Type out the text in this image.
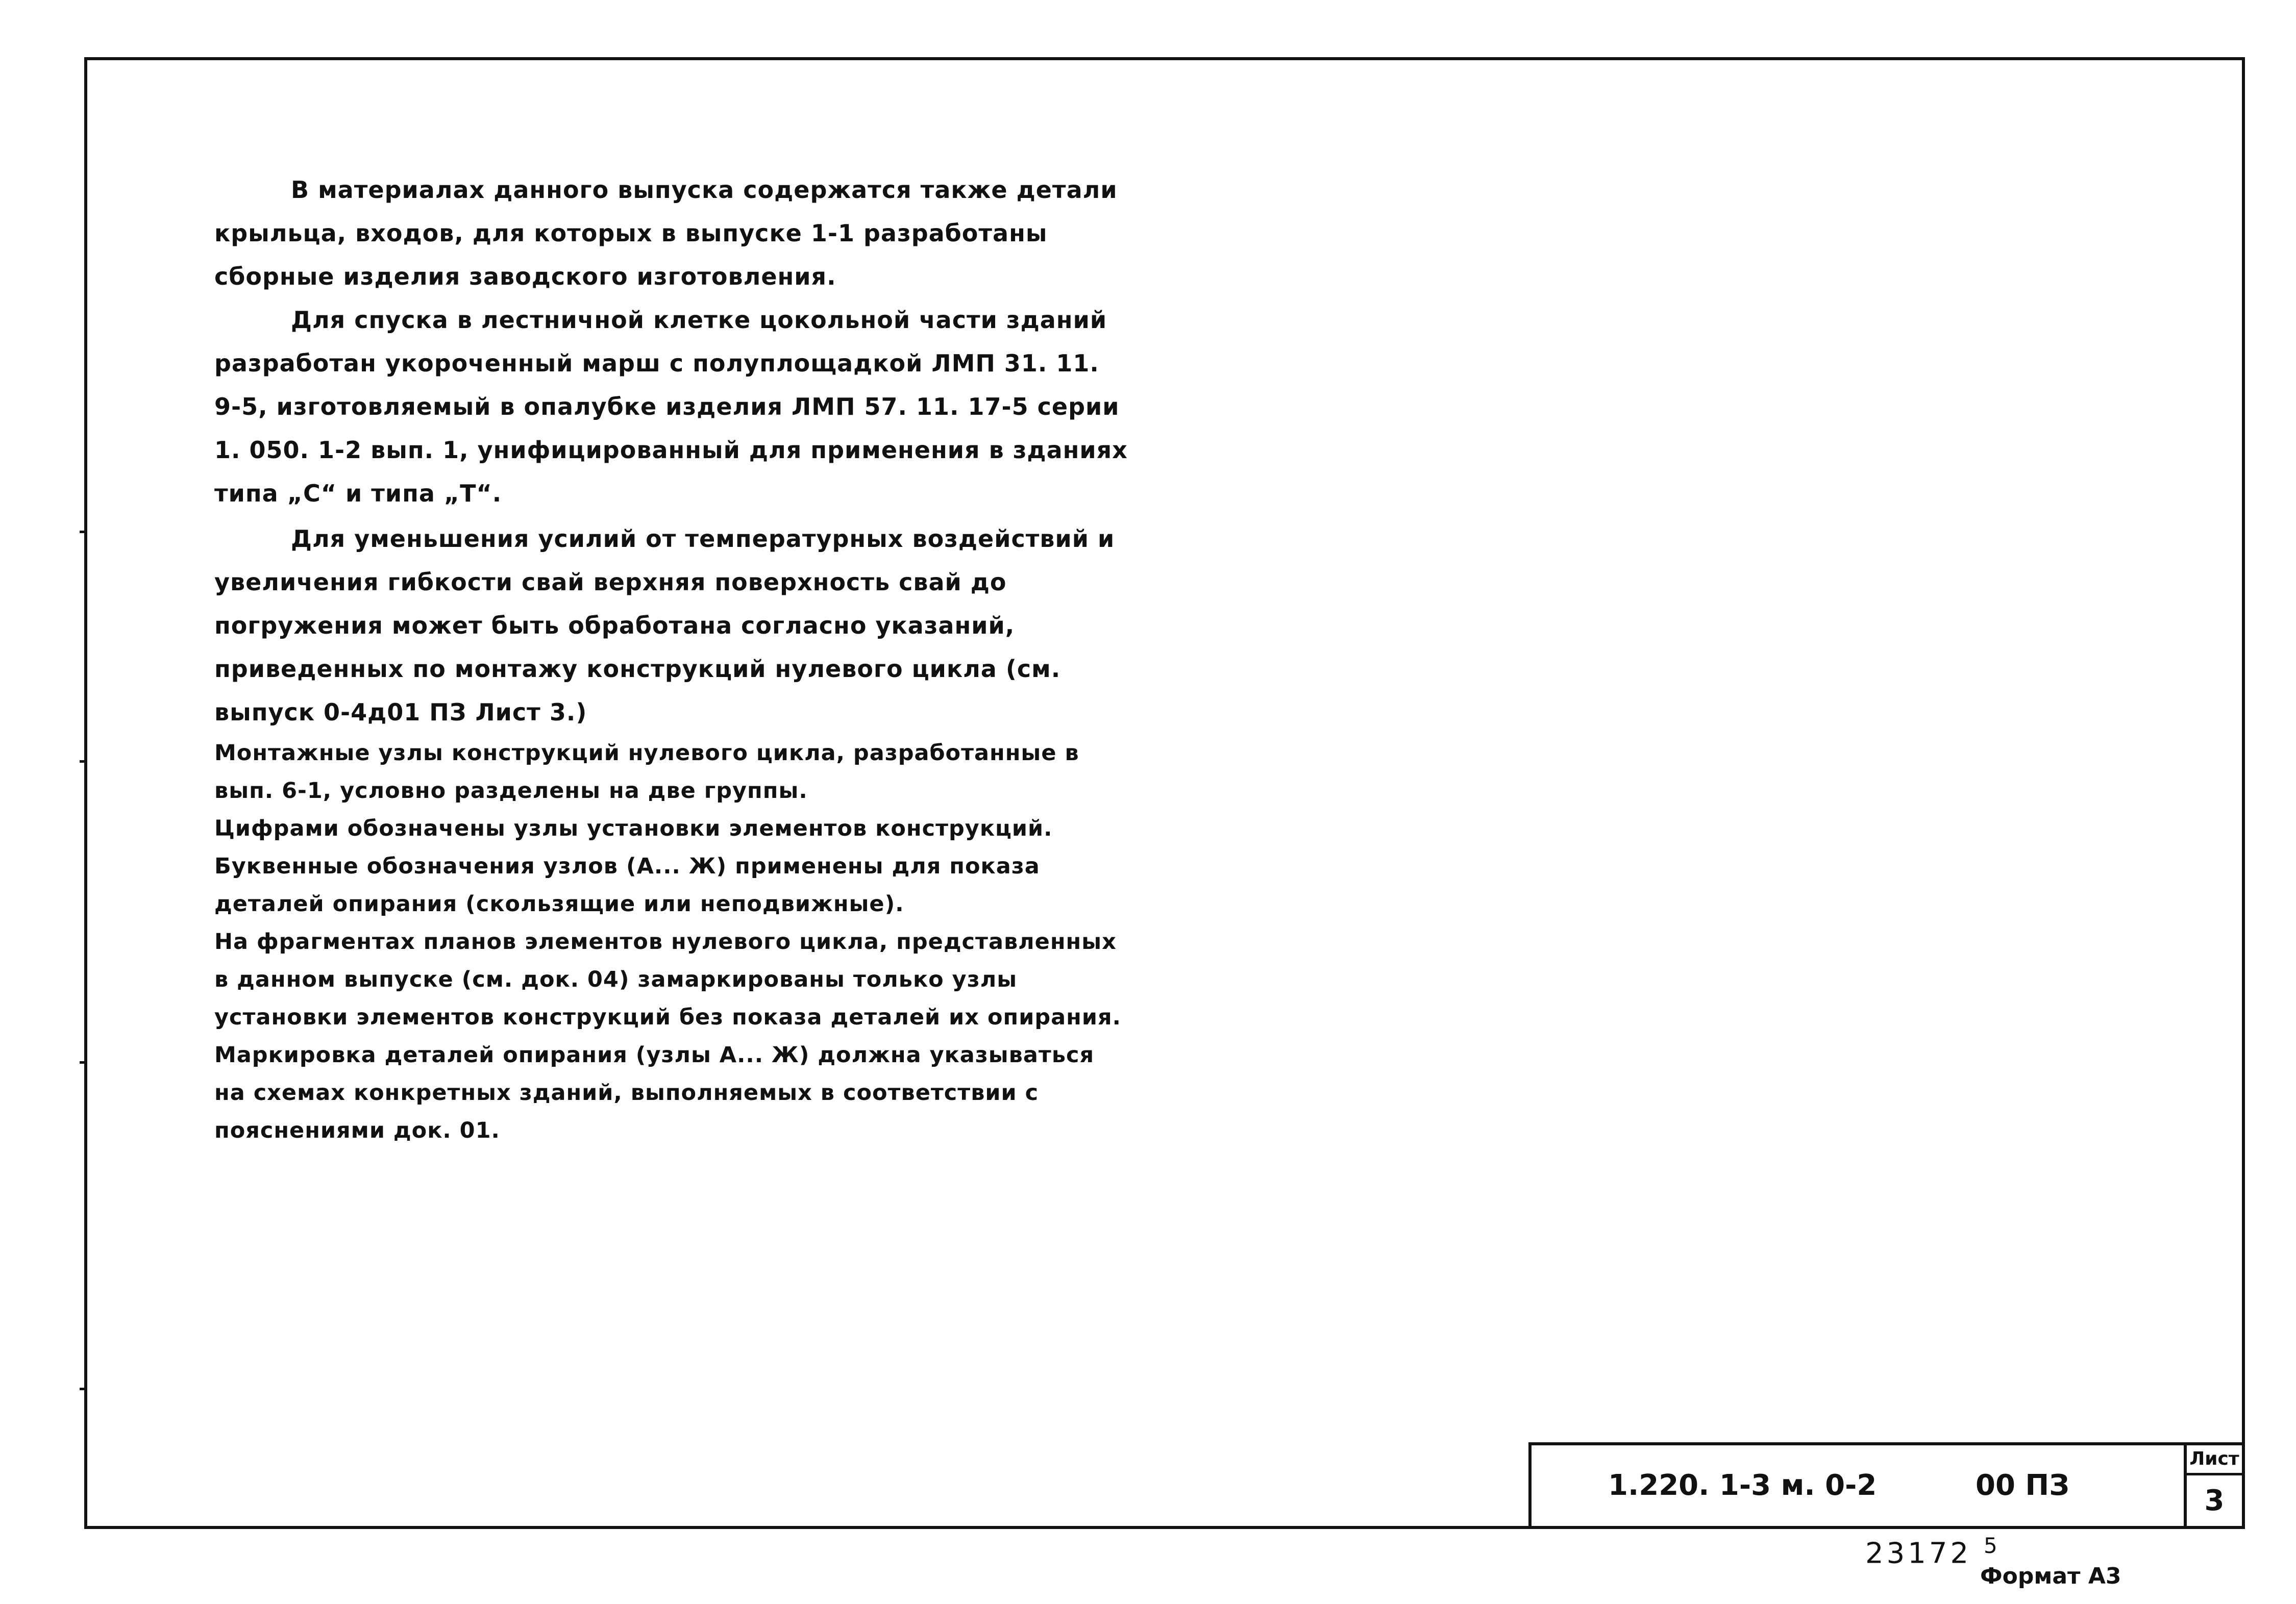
В материалах данного выпуска содержатся также детали крыльца, входов, для которых в выпуске 1-1 разработаны сборные изделия заводского изготовления.

Для спуска в лестничной клетке цокольной части зданий разработан укороченный марш с полуплощадкой ЛМП 31. 11. 9-5, изготовляемый в опалубке изделия ЛМП 57. 11. 17-5 серии 1. 050. 1-2 вып. 1, унифицированный для применения в зданиях типа „С“ и типа „Т“.

Для уменьшения усилий от температурных воздействий и увеличения гибкости свай верхняя поверхность свай до погружения может быть обработана согласно указаний, приведенных по монтажу конструкций нулевого цикла (см. выпуск 0-4д01 ПЗ Лист 3.)

Монтажные узлы конструкций нулевого цикла, разработанные в вып. 6-1, условно разделены на две группы.

Цифрами обозначены узлы установки элементов конструкций.

Буквенные обозначения узлов (А... Ж) применены для показа деталей опирания (скользящие или неподвижные).

На фрагментах планов элементов нулевого цикла, представленных в данном выпуске (см. док. 04) замаркированы только узлы установки элементов конструкций без показа деталей их опирания.

Маркировка деталей опирания (узлы А... Ж) должна указываться на схемах конкретных зданий, выполняемых в соответствии с пояснениями док. 01.

1.220. 1-3 м. 0-2	00 ПЗ
Лист
3
23172 $^5$
Формат А3
